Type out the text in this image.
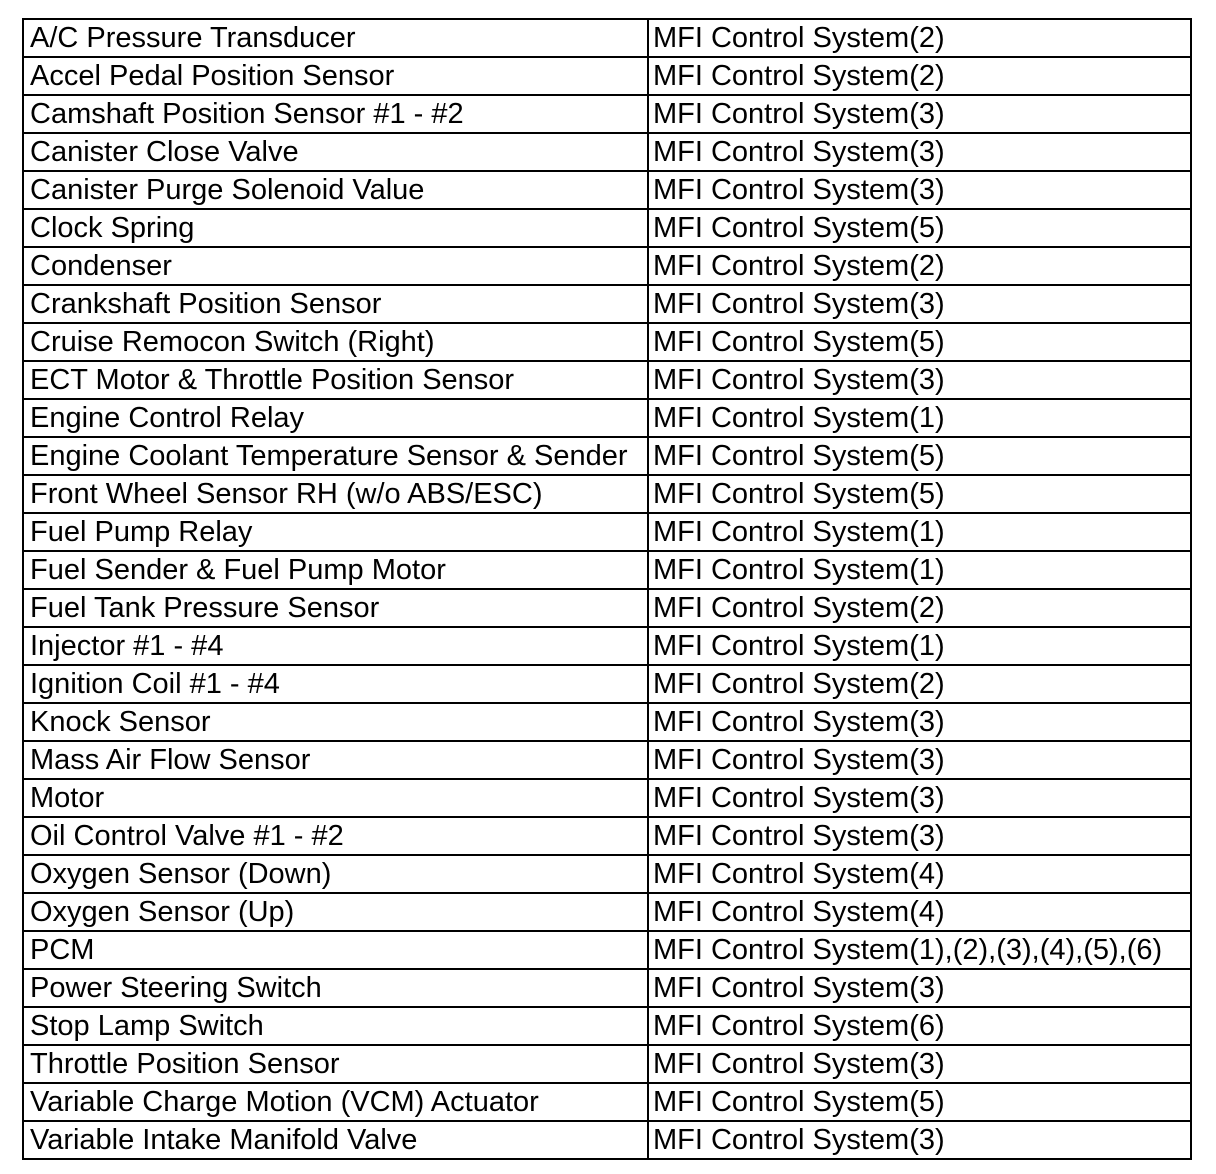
A/C Pressure Transducer	MFI Control System(2)
Accel Pedal Position Sensor	MFI Control System(2)
Camshaft Position Sensor #1 - #2	MFI Control System(3)
Canister Close Valve	MFI Control System(3)
Canister Purge Solenoid Value	MFI Control System(3)
Clock Spring	MFI Control System(5)
Condenser	MFI Control System(2)
Crankshaft Position Sensor	MFI Control System(3)
Cruise Remocon Switch (Right)	MFI Control System(5)
ECT Motor & Throttle Position Sensor	MFI Control System(3)
Engine Control Relay	MFI Control System(1)
Engine Coolant Temperature Sensor & Sender	MFI Control System(5)
Front Wheel Sensor RH (w/o ABS/ESC)	MFI Control System(5)
Fuel Pump Relay	MFI Control System(1)
Fuel Sender & Fuel Pump Motor	MFI Control System(1)
Fuel Tank Pressure Sensor	MFI Control System(2)
Injector #1 - #4	MFI Control System(1)
Ignition Coil #1 - #4	MFI Control System(2)
Knock Sensor	MFI Control System(3)
Mass Air Flow Sensor	MFI Control System(3)
Motor	MFI Control System(3)
Oil Control Valve #1 - #2	MFI Control System(3)
Oxygen Sensor (Down)	MFI Control System(4)
Oxygen Sensor (Up)	MFI Control System(4)
PCM	MFI Control System(1),(2),(3),(4),(5),(6)
Power Steering Switch	MFI Control System(3)
Stop Lamp Switch	MFI Control System(6)
Throttle Position Sensor	MFI Control System(3)
Variable Charge Motion (VCM) Actuator	MFI Control System(5)
Variable Intake Manifold Valve	MFI Control System(3)
